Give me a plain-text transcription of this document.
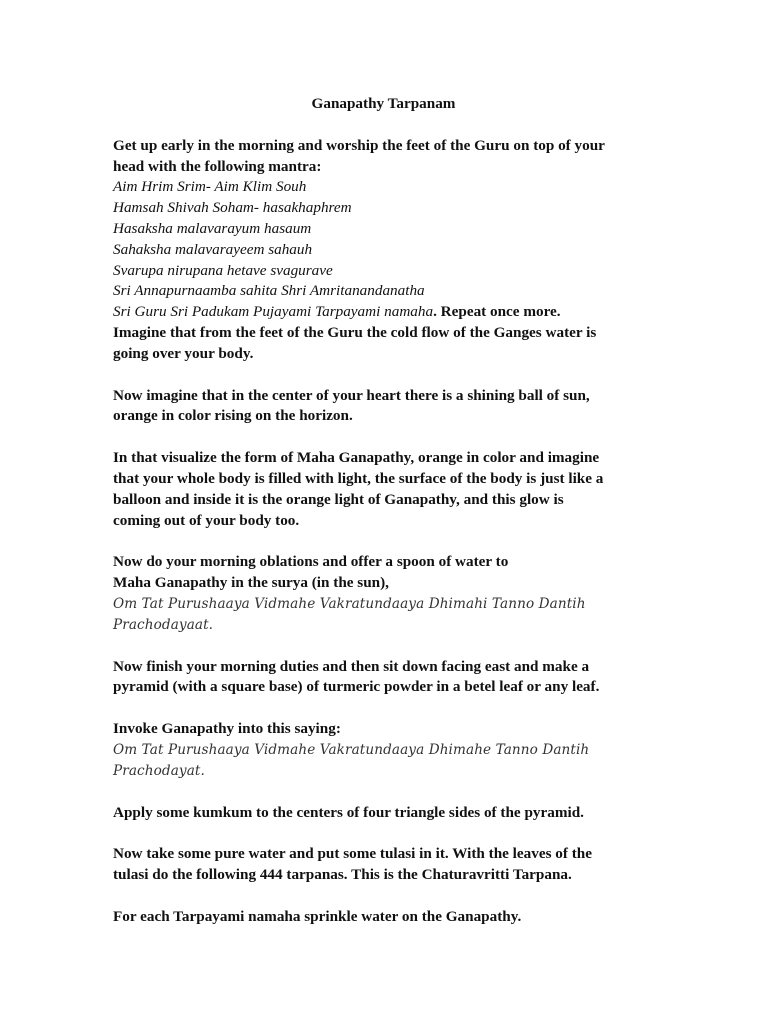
Ganapathy Tarpanam
Get up early in the morning and worship the feet of the Guru on top of your
head with the following mantra:
Aim Hrim Srim- Aim Klim Souh
Hamsah Shivah Soham- hasakhaphrem
Hasaksha malavarayum hasaum
Sahaksha malavarayeem sahauh
Svarupa nirupana hetave svagurave
Sri Annapurnaamba sahita Shri Amritanandanatha
Sri Guru Sri Padukam Pujayami Tarpayami namaha. Repeat once more.
Imagine that from the feet of the Guru the cold flow of the Ganges water is
going over your body.
Now imagine that in the center of your heart there is a shining ball of sun,
orange in color rising on the horizon.
In that visualize the form of Maha Ganapathy, orange in color and imagine
that your whole body is filled with light, the surface of the body is just like a
balloon and inside it is the orange light of Ganapathy, and this glow is
coming out of your body too.
Now do your morning oblations and offer a spoon of water to
Maha Ganapathy in the surya (in the sun),
Om Tat Purushaaya Vidmahe Vakratundaaya Dhimahi Tanno Dantih
Prachodayaat.
Now finish your morning duties and then sit down facing east and make a
pyramid (with a square base) of turmeric powder in a betel leaf or any leaf.
Invoke Ganapathy into this saying:
Om Tat Purushaaya Vidmahe Vakratundaaya Dhimahe Tanno Dantih
Prachodayat.
Apply some kumkum to the centers of four triangle sides of the pyramid.
Now take some pure water and put some tulasi in it. With the leaves of the
tulasi do the following 444 tarpanas. This is the Chaturavritti Tarpana.
For each Tarpayami namaha sprinkle water on the Ganapathy.
